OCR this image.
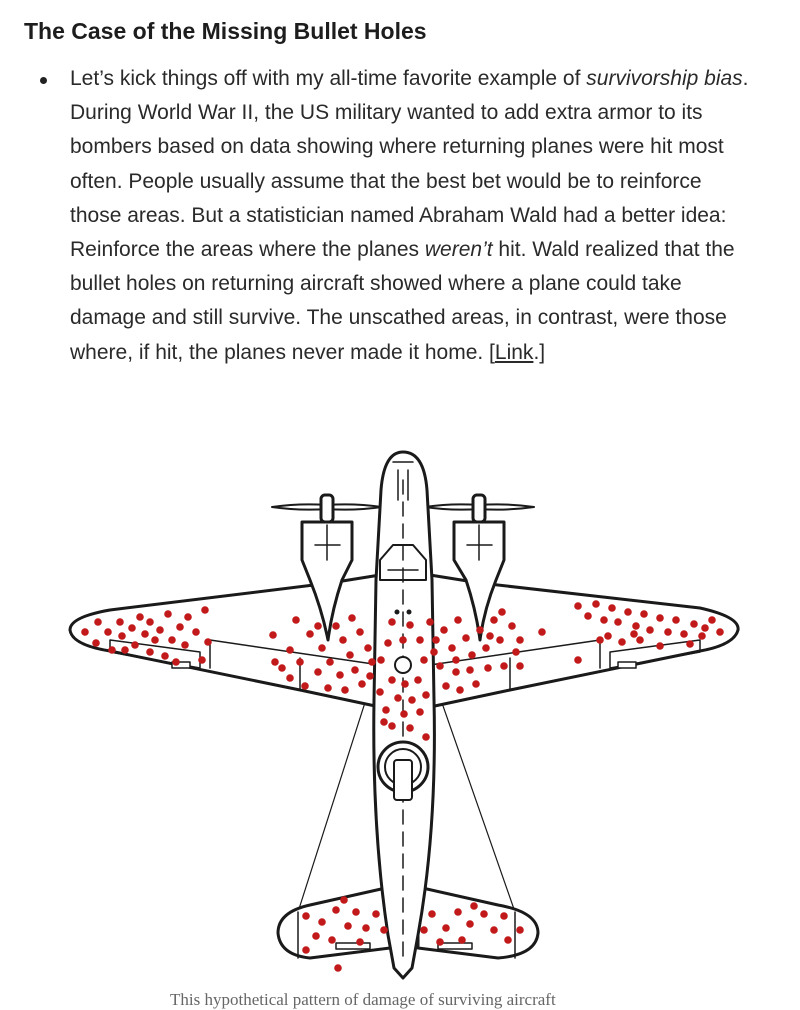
The Case of the Missing Bullet Holes

Let’s kick things off with my all-time favorite example of survivorship bias. During World War II, the US military wanted to add extra armor to its bombers based on data showing where returning planes were hit most often. People usually assume that the best bet would be to reinforce those areas. But a statistician named Abraham Wald had a better idea: Reinforce the areas where the planes weren’t hit. Wald realized that the bullet holes on returning aircraft showed where a plane could take damage and still survive. The unscathed areas, in contrast, were those where, if hit, the planes never made it home. [Link.]

This hypothetical pattern of damage of surviving aircraft
